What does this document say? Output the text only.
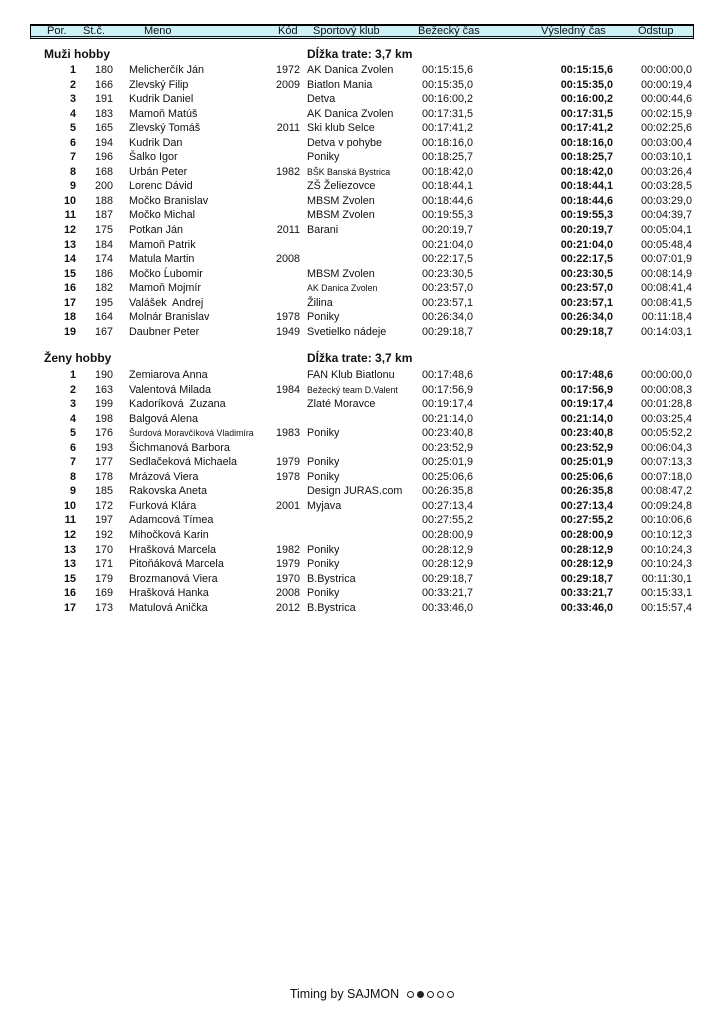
Por. Št.č.	Meno	Kód Športový klub	Bežecký čas	Výsledný čas	Odstup
Muži hobby	Dĺžka trate: 3,7 km
1	180 Melicherčík Ján	1972 AK Danica Zvolen	00:15:15,6	00:15:15,6	00:00:00,0
2	166 Zlevský Filip	2009 Biatlon Mania	00:15:35,0	00:15:35,0	00:00:19,4
3	191 Kudrik Daniel	Detva	00:16:00,2	00:16:00,2	00:00:44,6
4	183 Mamoň Matúš	AK Danica Zvolen	00:17:31,5	00:17:31,5	00:02:15,9
5	165 Zlevský Tomáš	2011 Ski klub Selce	00:17:41,2	00:17:41,2	00:02:25,6
6	194 Kudrik Dan	Detva v pohybe	00:18:16,0	00:18:16,0	00:03:00,4
7	196 Šalko Igor	Poniky	00:18:25,7	00:18:25,7	00:03:10,1
8	168 Urbán Peter	1982 BŠK Banská Bystrica	00:18:42,0	00:18:42,0	00:03:26,4
9	200 Lorenc Dávid	ZŠ Želiezovce	00:18:44,1	00:18:44,1	00:03:28,5
10	188 Močko Branislav	MBSM Zvolen	00:18:44,6	00:18:44,6	00:03:29,0
11	187 Močko Michal	MBSM Zvolen	00:19:55,3	00:19:55,3	00:04:39,7
12	175 Potkan Ján	2011 Barani	00:20:19,7	00:20:19,7	00:05:04,1
13	184 Mamoň Patrik	00:21:04,0	00:21:04,0	00:05:48,4
14	174 Matula Martin	2008	00:22:17,5	00:22:17,5	00:07:01,9
15	186 Močko Ĺubomir	MBSM Zvolen	00:23:30,5	00:23:30,5	00:08:14,9
16	182 Mamoň Mojmír	AK Danica Zvolen	00:23:57,0	00:23:57,0	00:08:41,4
17	195 Valášek  Andrej	Žilina	00:23:57,1	00:23:57,1	00:08:41,5
18	164 Molnár Branislav	1978 Poniky	00:26:34,0	00:26:34,0	00:11:18,4
19	167 Daubner Peter	1949 Svetielko nádeje	00:29:18,7	00:29:18,7	00:14:03,1
Ženy hobby	Dĺžka trate: 3,7 km
1	190 Zemiarova Anna	FAN Klub Biatlonu	00:17:48,6	00:17:48,6	00:00:00,0
2	163 Valentová Milada	1984 Bežecký team D.Valent	00:17:56,9	00:17:56,9	00:00:08,3
3	199 Kadoríková  Zuzana	Zlaté Moravce	00:19:17,4	00:19:17,4	00:01:28,8
4	198 Balgová Alena	00:21:14,0	00:21:14,0	00:03:25,4
5	176 Šurdová Moravčíková Vladimíra	1983 Poniky	00:23:40,8	00:23:40,8	00:05:52,2
6	193 Šichmanová Barbora	00:23:52,9	00:23:52,9	00:06:04,3
7	177 Sedlačeková Michaela	1979 Poniky	00:25:01,9	00:25:01,9	00:07:13,3
8	178 Mrázová Viera	1978 Poniky	00:25:06,6	00:25:06,6	00:07:18,0
9	185 Rakovska Aneta	Design JURAS.com	00:26:35,8	00:26:35,8	00:08:47,2
10	172 Furková Klára	2001 Myjava	00:27:13,4	00:27:13,4	00:09:24,8
11	197 Adamcová Tímea	00:27:55,2	00:27:55,2	00:10:06,6
12	192 Mihočková Karin	00:28:00,9	00:28:00,9	00:10:12,3
13	170 Hrašková Marcela	1982 Poniky	00:28:12,9	00:28:12,9	00:10:24,3
13	171 Pitoňáková Marcela	1979 Poniky	00:28:12,9	00:28:12,9	00:10:24,3
15	179 Brozmanová Viera	1970 B.Bystrica	00:29:18,7	00:29:18,7	00:11:30,1
16	169 Hrašková Hanka	2008 Poniky	00:33:21,7	00:33:21,7	00:15:33,1
17	173 Matulová Anička	2012 B.Bystrica	00:33:46,0	00:33:46,0	00:15:57,4
Timing by SAJMON
